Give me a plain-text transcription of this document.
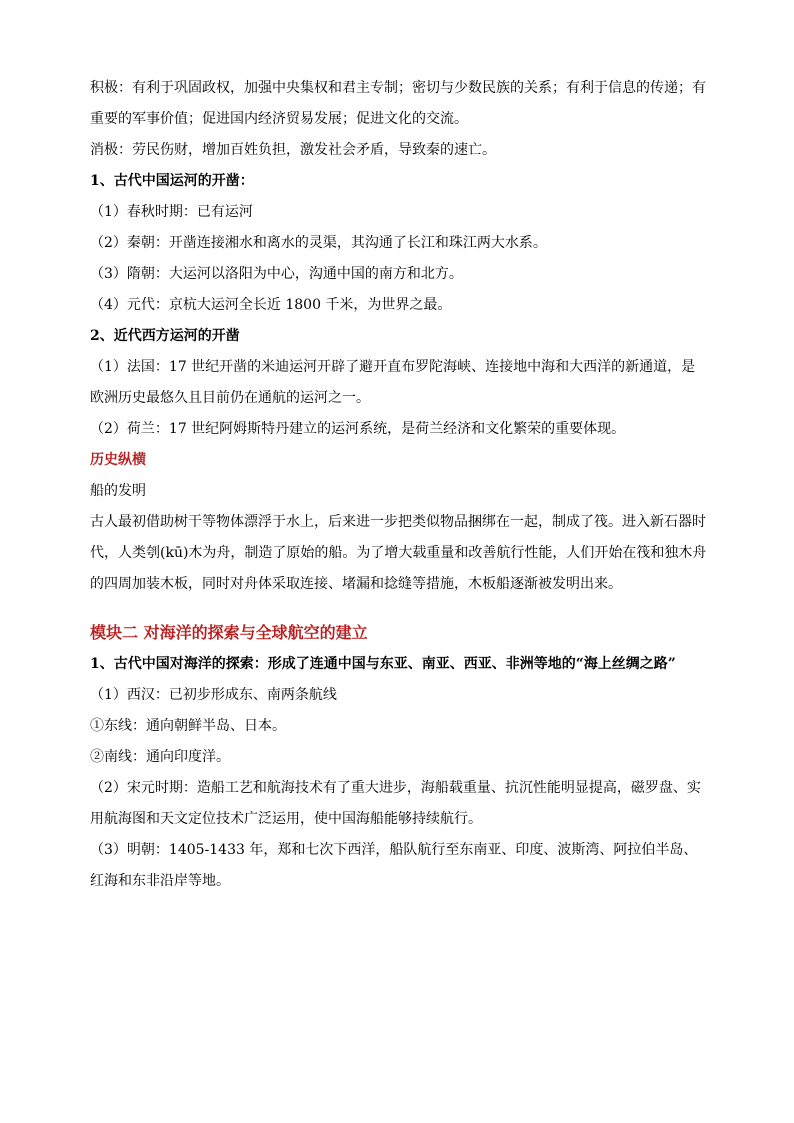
积极：有利于巩固政权，加强中央集权和君主专制；密切与少数民族的关系；有利于信息的传递；有重要的军事价值；促进国内经济贸易发展；促进文化的交流。

消极：劳民伤财，增加百姓负担，激发社会矛盾，导致秦的速亡。

1、古代中国运河的开凿：

（1）春秋时期：已有运河

（2）秦朝：开凿连接湘水和离水的灵渠，其沟通了长江和珠江两大水系。

（3）隋朝：大运河以洛阳为中心，沟通中国的南方和北方。

（4）元代：京杭大运河全长近 1800 千米，为世界之最。

2、近代西方运河的开凿

（1）法国：17 世纪开凿的米迪运河开辟了避开直布罗陀海峡、连接地中海和大西洋的新通道，是欧洲历史最悠久且目前仍在通航的运河之一。

（2）荷兰：17 世纪阿姆斯特丹建立的运河系统，是荷兰经济和文化繁荣的重要体现。

历史纵横

船的发明

古人最初借助树干等物体漂浮于水上，后来进一步把类似物品捆绑在一起，制成了筏。进入新石器时代，人类刳(kū)木为舟，制造了原始的船。为了增大载重量和改善航行性能，人们开始在筏和独木舟的四周加装木板，同时对舟体采取连接、堵漏和捻缝等措施，木板船逐渐被发明出来。

模块二 对海洋的探索与全球航空的建立

1、古代中国对海洋的探索：形成了连通中国与东亚、南亚、西亚、非洲等地的“海上丝绸之路”

（1）西汉：已初步形成东、南两条航线

①东线：通向朝鲜半岛、日本。

②南线：通向印度洋。

（2）宋元时期：造船工艺和航海技术有了重大进步，海船载重量、抗沉性能明显提高，磁罗盘、实用航海图和天文定位技术广泛运用，使中国海船能够持续航行。

（3）明朝：1405-1433 年，郑和七次下西洋，船队航行至东南亚、印度、波斯湾、阿拉伯半岛、红海和东非沿岸等地。
